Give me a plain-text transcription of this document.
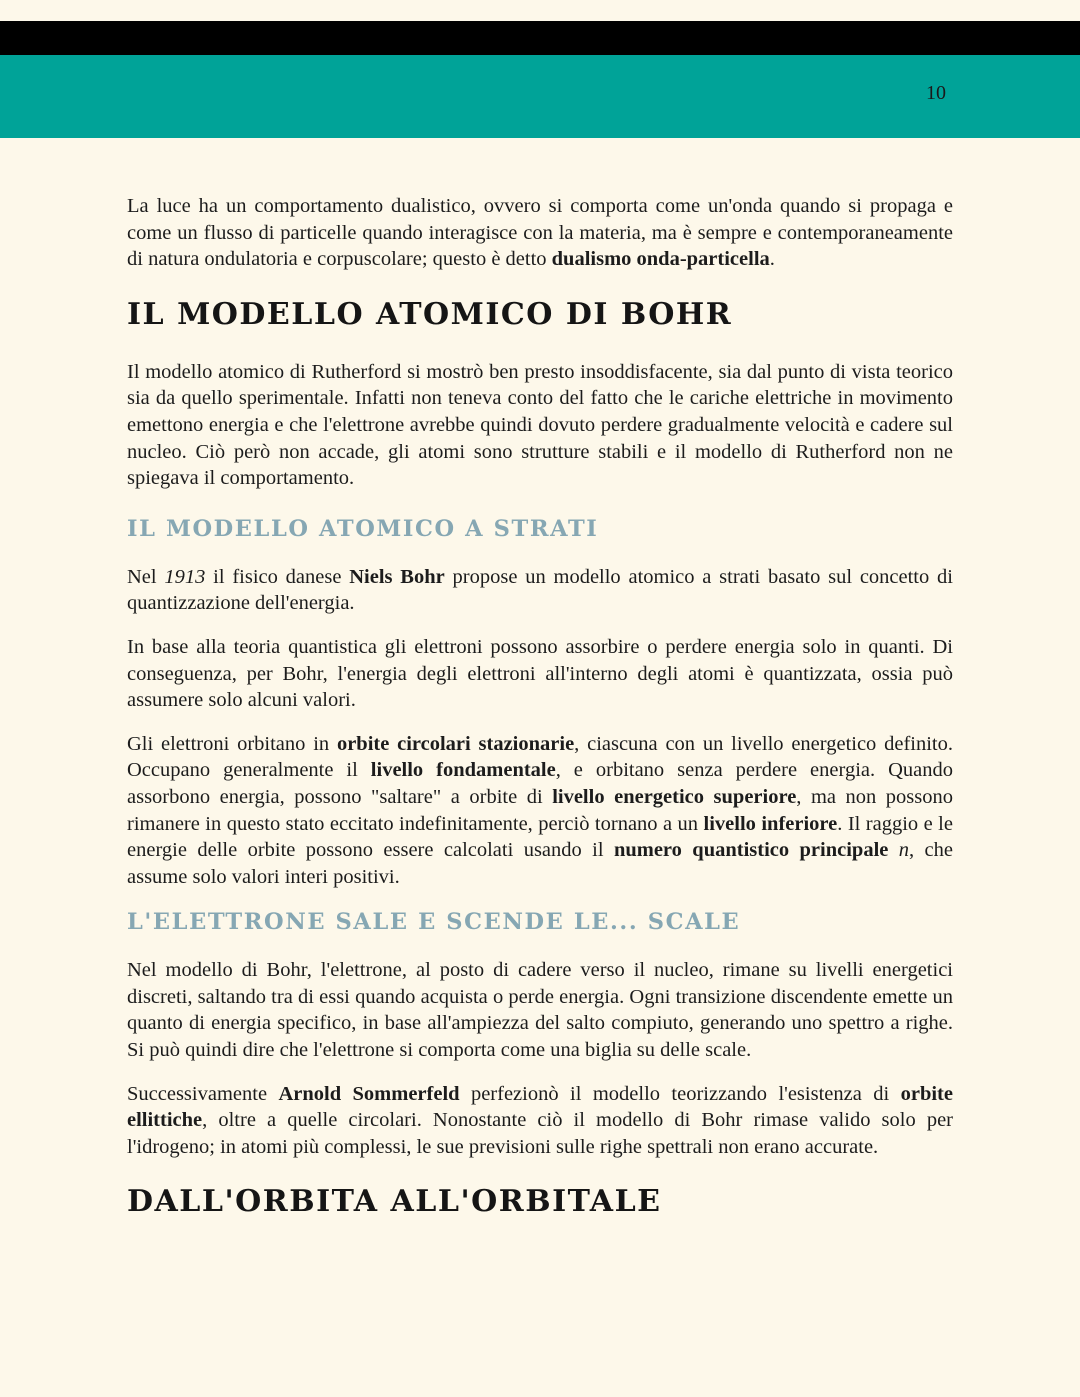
10

La luce ha un comportamento dualistico, ovvero si comporta come un'onda quando si propaga e come un flusso di particelle quando interagisce con la materia, ma è sempre e contemporaneamente di natura ondulatoria e corpuscolare; questo è detto dualismo onda-particella.

IL MODELLO ATOMICO DI BOHR

Il modello atomico di Rutherford si mostrò ben presto insoddisfacente, sia dal punto di vista teorico sia da quello sperimentale. Infatti non teneva conto del fatto che le cariche elettriche in movimento emettono energia e che l'elettrone avrebbe quindi dovuto perdere gradualmente velocità e cadere sul nucleo. Ciò però non accade, gli atomi sono strutture stabili e il modello di Rutherford non ne spiegava il comportamento.

IL MODELLO ATOMICO A STRATI

Nel 1913 il fisico danese Niels Bohr propose un modello atomico a strati basato sul concetto di quantizzazione dell'energia.

In base alla teoria quantistica gli elettroni possono assorbire o perdere energia solo in quanti. Di conseguenza, per Bohr, l'energia degli elettroni all'interno degli atomi è quantizzata, ossia può assumere solo alcuni valori.

Gli elettroni orbitano in orbite circolari stazionarie, ciascuna con un livello energetico definito. Occupano generalmente il livello fondamentale, e orbitano senza perdere energia. Quando assorbono energia, possono "saltare" a orbite di livello energetico superiore, ma non possono rimanere in questo stato eccitato indefinitamente, perciò tornano a un livello inferiore. Il raggio e le energie delle orbite possono essere calcolati usando il numero quantistico principale n, che assume solo valori interi positivi.

L'ELETTRONE SALE E SCENDE LE... SCALE

Nel modello di Bohr, l'elettrone, al posto di cadere verso il nucleo, rimane su livelli energetici discreti, saltando tra di essi quando acquista o perde energia. Ogni transizione discendente emette un quanto di energia specifico, in base all'ampiezza del salto compiuto, generando uno spettro a righe. Si può quindi dire che l'elettrone si comporta come una biglia su delle scale.

Successivamente Arnold Sommerfeld perfezionò il modello teorizzando l'esistenza di orbite ellittiche, oltre a quelle circolari. Nonostante ciò il modello di Bohr rimase valido solo per l'idrogeno; in atomi più complessi, le sue previsioni sulle righe spettrali non erano accurate.

DALL'ORBITA ALL'ORBITALE
